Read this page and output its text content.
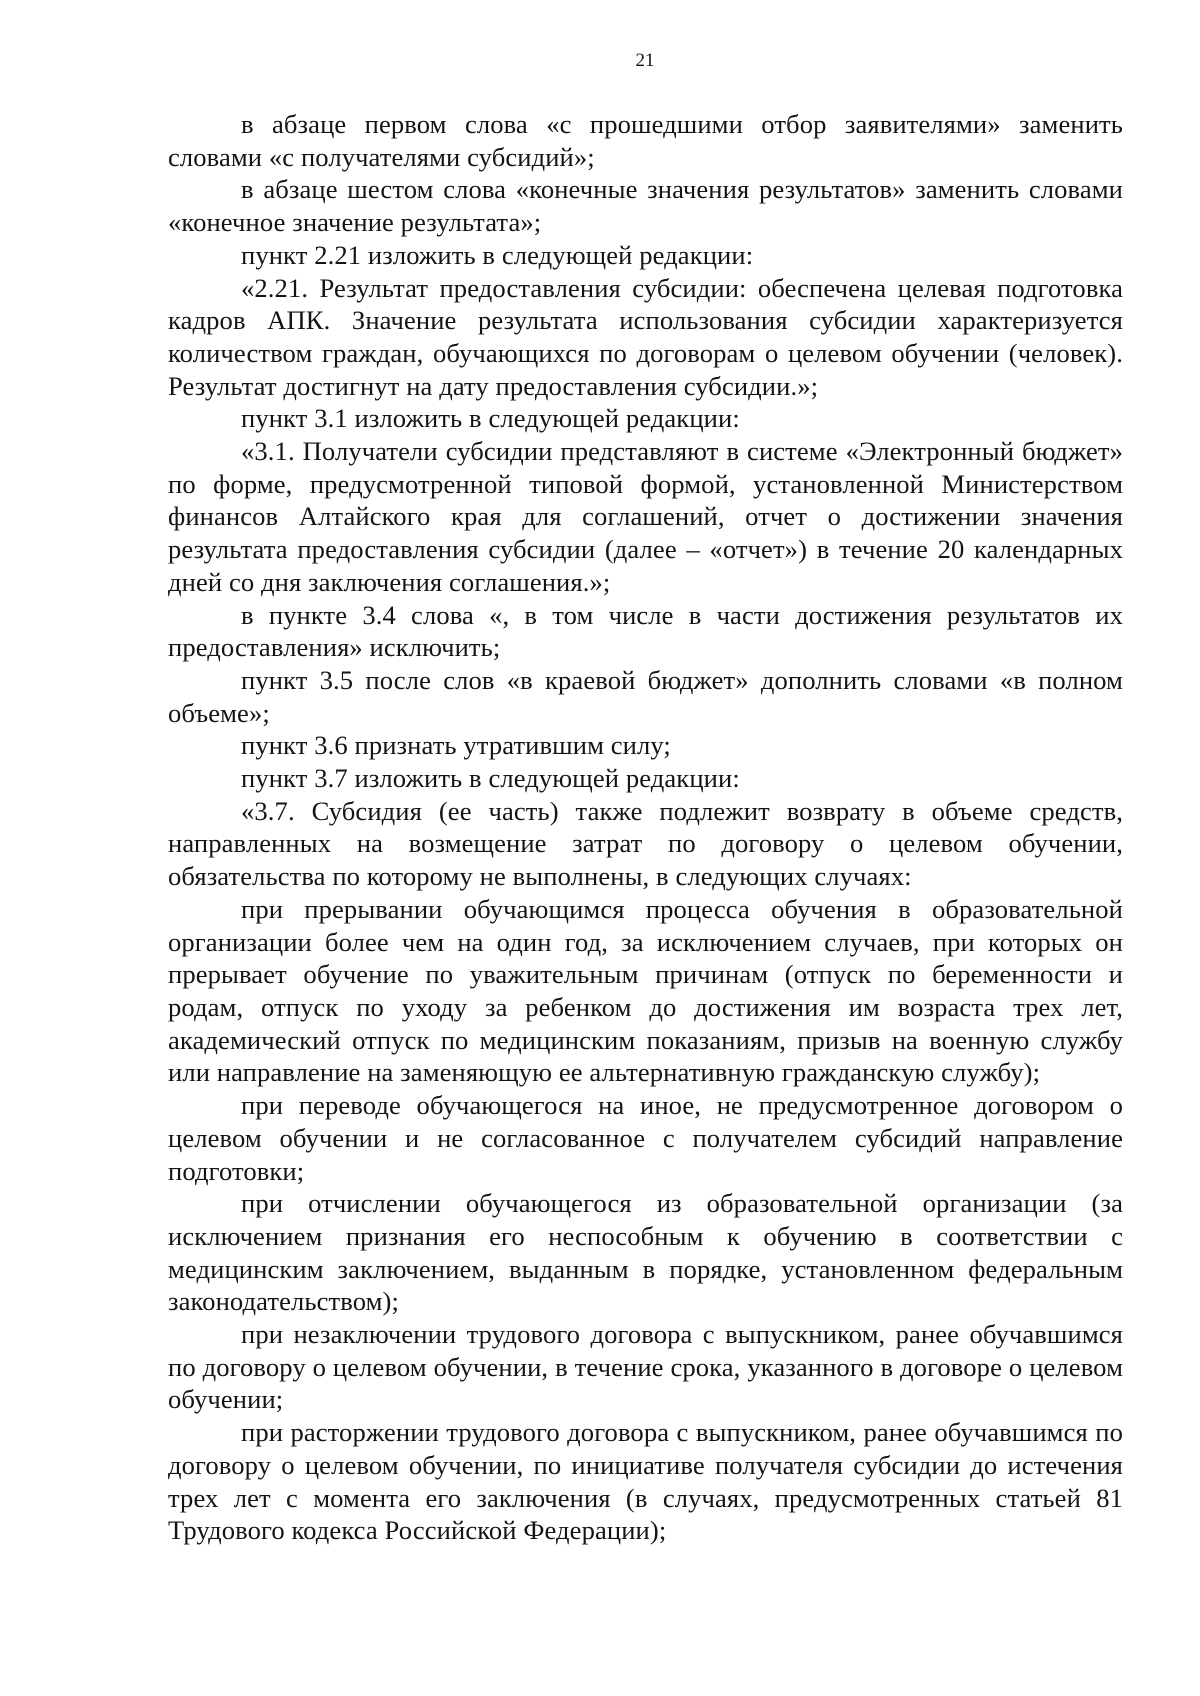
21

в абзаце первом слова «с прошедшими отбор заявителями» заменить словами «с получателями субсидий»;

в абзаце шестом слова «конечные значения результатов» заменить словами «конечное значение результата»;

пункт 2.21 изложить в следующей редакции:

«2.21. Результат предоставления субсидии: обеспечена целевая подготовка кадров АПК. Значение результата использования субсидии характеризуется количеством граждан, обучающихся по договорам о целевом обучении (человек). Результат достигнут на дату предоставления субсидии.»;

пункт 3.1 изложить в следующей редакции:

«3.1. Получатели субсидии представляют в системе «Электронный бюджет» по форме, предусмотренной типовой формой, установленной Министерством финансов Алтайского края для соглашений, отчет о достижении значения результата предоставления субсидии (далее – «отчет») в течение 20 календарных дней со дня заключения соглашения.»;

в пункте 3.4 слова «, в том числе в части достижения результатов их предоставления» исключить;

пункт 3.5 после слов «в краевой бюджет» дополнить словами «в полном объеме»;

пункт 3.6 признать утратившим силу;

пункт 3.7 изложить в следующей редакции:

«3.7. Субсидия (ее часть) также подлежит возврату в объеме средств, направленных на возмещение затрат по договору о целевом обучении, обязательства по которому не выполнены, в следующих случаях:

при прерывании обучающимся процесса обучения в образовательной организации более чем на один год, за исключением случаев, при которых он прерывает обучение по уважительным причинам (отпуск по беременности и родам, отпуск по уходу за ребенком до достижения им возраста трех лет, академический отпуск по медицинским показаниям, призыв на военную службу или направление на заменяющую ее альтернативную гражданскую службу);

при переводе обучающегося на иное, не предусмотренное договором о целевом обучении и не согласованное с получателем субсидий направление подготовки;

при отчислении обучающегося из образовательной организации (за исключением признания его неспособным к обучению в соответствии с медицинским заключением, выданным в порядке, установленном федеральным законодательством);

при незаключении трудового договора с выпускником, ранее обучавшимся по договору о целевом обучении, в течение срока, указанного в договоре о целевом обучении;

при расторжении трудового договора с выпускником, ранее обучавшимся по договору о целевом обучении, по инициативе получателя субсидии до истечения трех лет с момента его заключения (в случаях, предусмотренных статьей 81 Трудового кодекса Российской Федерации);
